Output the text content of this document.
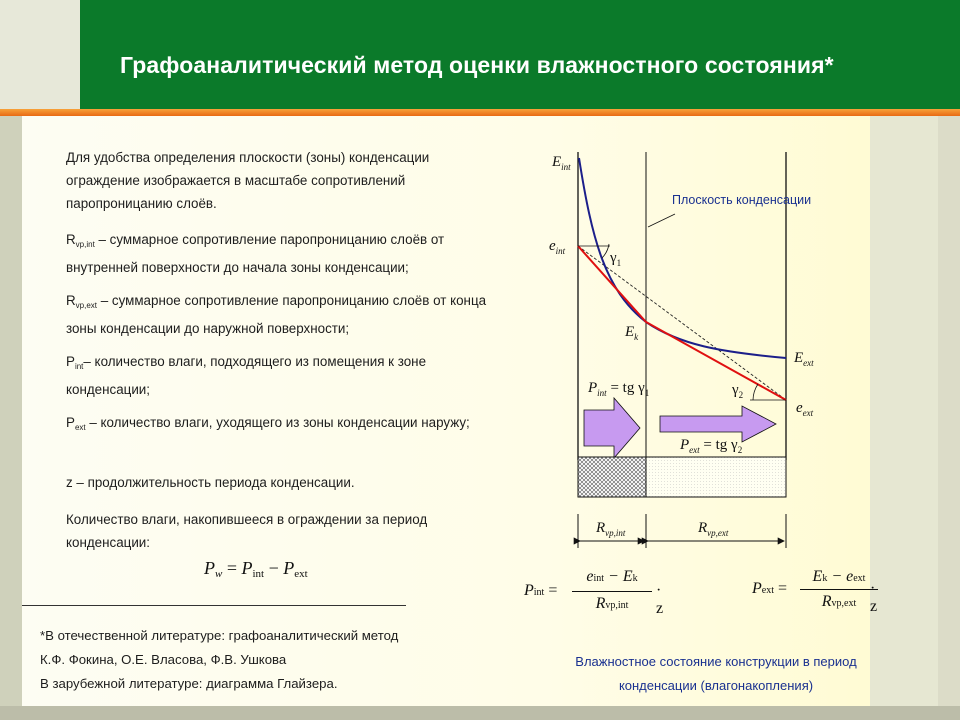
Графоаналитический метод оценки влажностного состояния*
Для удобства определения плоскости (зоны) конденсации ограждение изображается в масштабе сопротивлений паропроницанию слоёв.
$R_{vp,int}$ – суммарное сопротивление паропроницанию слоёв от внутренней поверхности до начала зоны конденсации;
$R_{vp,ext}$ – суммарное сопротивление паропроницанию слоёв от конца зоны конденсации до наружной поверхности;
$P_{int}-$ количество влаги, подходящего из помещения к зоне конденсации;
$P_{ext}$ – количество влаги, уходящего из зоны конденсации наружу;
z – продолжительность периода конденсации.
Количество влаги, накопившееся в ограждении за период конденсации:
$P_w = P_{int} - P_{ext}$
*В отечественной литературе: графоаналитический метод
К.Ф. Фокина, О.Е. Власова, Ф.В. Ушкова
В зарубежной литературе: диаграмма Глайзера.
$E_{int}$
$e_{int}$	$\gamma_1$
$E_k$
$E_{ext}$
$\gamma_2$
$e_{ext}$
$P_{int}$ = tg $\gamma_1$
$P_{ext}$ = tg $\gamma_2$
$R_{vp,int}$	$R_{vp,ext}$
Плоскость конденсации
Pint =
eint − Ek
Rvp,int
· z
Pext =
Ek − eext
Rvp,ext
· z
Влажностное состояние конструкции в период конденсации (влагонакопления)
